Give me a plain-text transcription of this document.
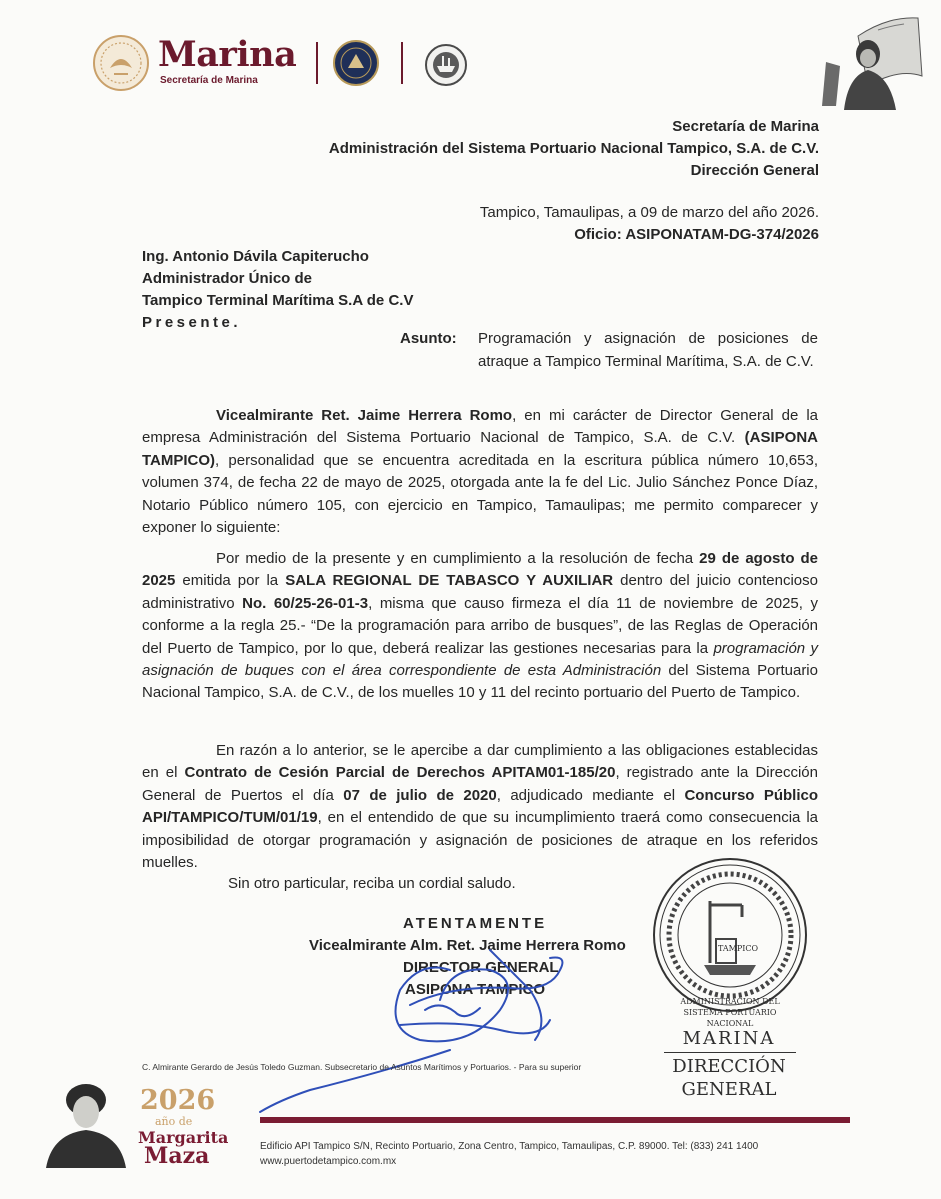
Marina
Secretaría de Marina
Secretaría de Marina
Administración del Sistema Portuario Nacional Tampico, S.A. de C.V.
Dirección General
Tampico, Tamaulipas, a 09 de marzo del año 2026.
Oficio: ASIPONATAM-DG-374/2026
Ing. Antonio Dávila Capiterucho
Administrador Único de
Tampico Terminal Marítima S.A de C.V
Presente.
Asunto: Programación y asignación de posiciones de atraque a Tampico Terminal Marítima, S.A. de C.V.
Vicealmirante Ret. Jaime Herrera Romo, en mi carácter de Director General de la empresa Administración del Sistema Portuario Nacional de Tampico, S.A. de C.V. (ASIPONA TAMPICO), personalidad que se encuentra acreditada en la escritura pública número 10,653, volumen 374, de fecha 22 de mayo de 2025, otorgada ante la fe del Lic. Julio Sánchez Ponce Díaz, Notario Público número 105, con ejercicio en Tampico, Tamaulipas; me permito comparecer y exponer lo siguiente:
Por medio de la presente y en cumplimiento a la resolución de fecha 29 de agosto de 2025 emitida por la SALA REGIONAL DE TABASCO Y AUXILIAR dentro del juicio contencioso administrativo No. 60/25-26-01-3, misma que causo firmeza el día 11 de noviembre de 2025, y conforme a la regla 25.- “De la programación para arribo de busques”, de las Reglas de Operación del Puerto de Tampico, por lo que, deberá realizar las gestiones necesarias para la programación y asignación de buques con el área correspondiente de esta Administración del Sistema Portuario Nacional Tampico, S.A. de C.V., de los muelles 10 y 11 del recinto portuario del Puerto de Tampico.
En razón a lo anterior, se le apercibe a dar cumplimiento a las obligaciones establecidas en el Contrato de Cesión Parcial de Derechos APITAM01-185/20, registrado ante la Dirección General de Puertos el día 07 de julio de 2020, adjudicado mediante el Concurso Público API/TAMPICO/TUM/01/19, en el entendido de que su incumplimiento traerá como consecuencia la imposibilidad de otorgar programación y asignación de posiciones de atraque en los referidos muelles.
Sin otro particular, reciba un cordial saludo.
ATENTAMENTE
Vicealmirante Alm. Ret. Jaime Herrera Romo
DIRECTOR GENERAL
ASIPONA TAMPICO
TAMPICO
ADMINISTRACION DEL SISTEMA PORTUARIO NACIONAL
MARINA
DIRECCIÓN
GENERAL
C. Almirante Gerardo de Jesús Toledo Guzman. Subsecretario de Asuntos Marítimos y Portuarios. - Para su superior
2026
año de
Margarita
Maza	Edificio API Tampico S/N, Recinto Portuario, Zona Centro, Tampico, Tamaulipas, C.P. 89000. Tel: (833) 241 1400
www.puertodetampico.com.mx
